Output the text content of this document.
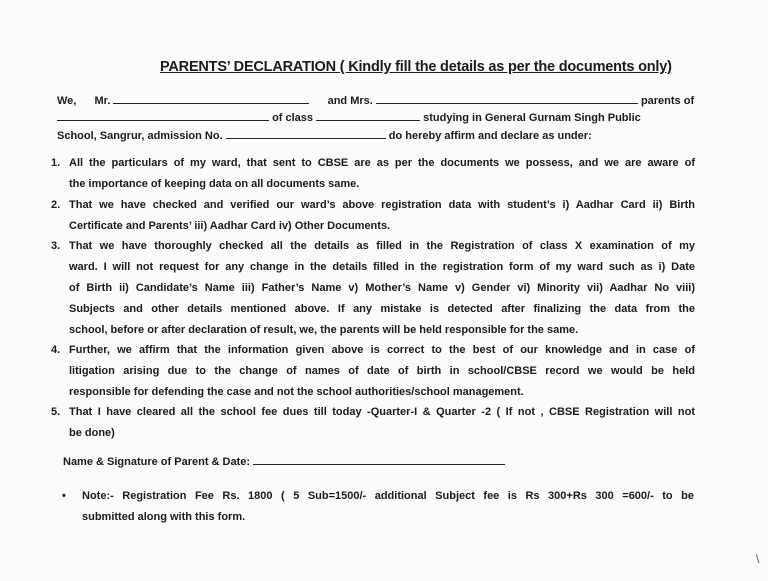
PARENTS’ DECLARATION ( Kindly fill the details as per the documents only)
We, Mr.	and Mrs.	parents of
of class	studying in General Gurnam Singh Public
School, Sangrur, admission No.	do hereby affirm and declare as under:
1. All the particulars of my ward, that sent to CBSE are as per the documents we possess, and we are aware of
the importance of keeping data on all documents same.
2. That we have checked and verified our ward’s above registration data with student’s i) Aadhar Card ii) Birth
Certificate and Parents’ iii) Aadhar Card iv) Other Documents.
3. That we have thoroughly checked all the details as filled in the Registration of class X examination of my
ward. I will not request for any change in the details filled in the registration form of my ward such as i) Date
of Birth ii) Candidate’s Name iii) Father’s Name v) Mother’s Name v) Gender vi) Minority vii) Aadhar No viii)
Subjects and other details mentioned above. If any mistake is detected after finalizing the data from the
school, before or after declaration of result, we, the parents will be held responsible for the same.
4. Further, we affirm that the information given above is correct to the best of our knowledge and in case of
litigation arising due to the change of names of date of birth in school/CBSE record we would be held
responsible for defending the case and not the school authorities/school management.
5. That I have cleared all the school fee dues till today -Quarter-I & Quarter -2 ( If not , CBSE Registration will not
be done)
Name & Signature of Parent & Date:
• Note:- Registration Fee Rs. 1800 ( 5 Sub=1500/- additional Subject fee is Rs 300+Rs 300 =600/- to be
submitted along with this form.
\
